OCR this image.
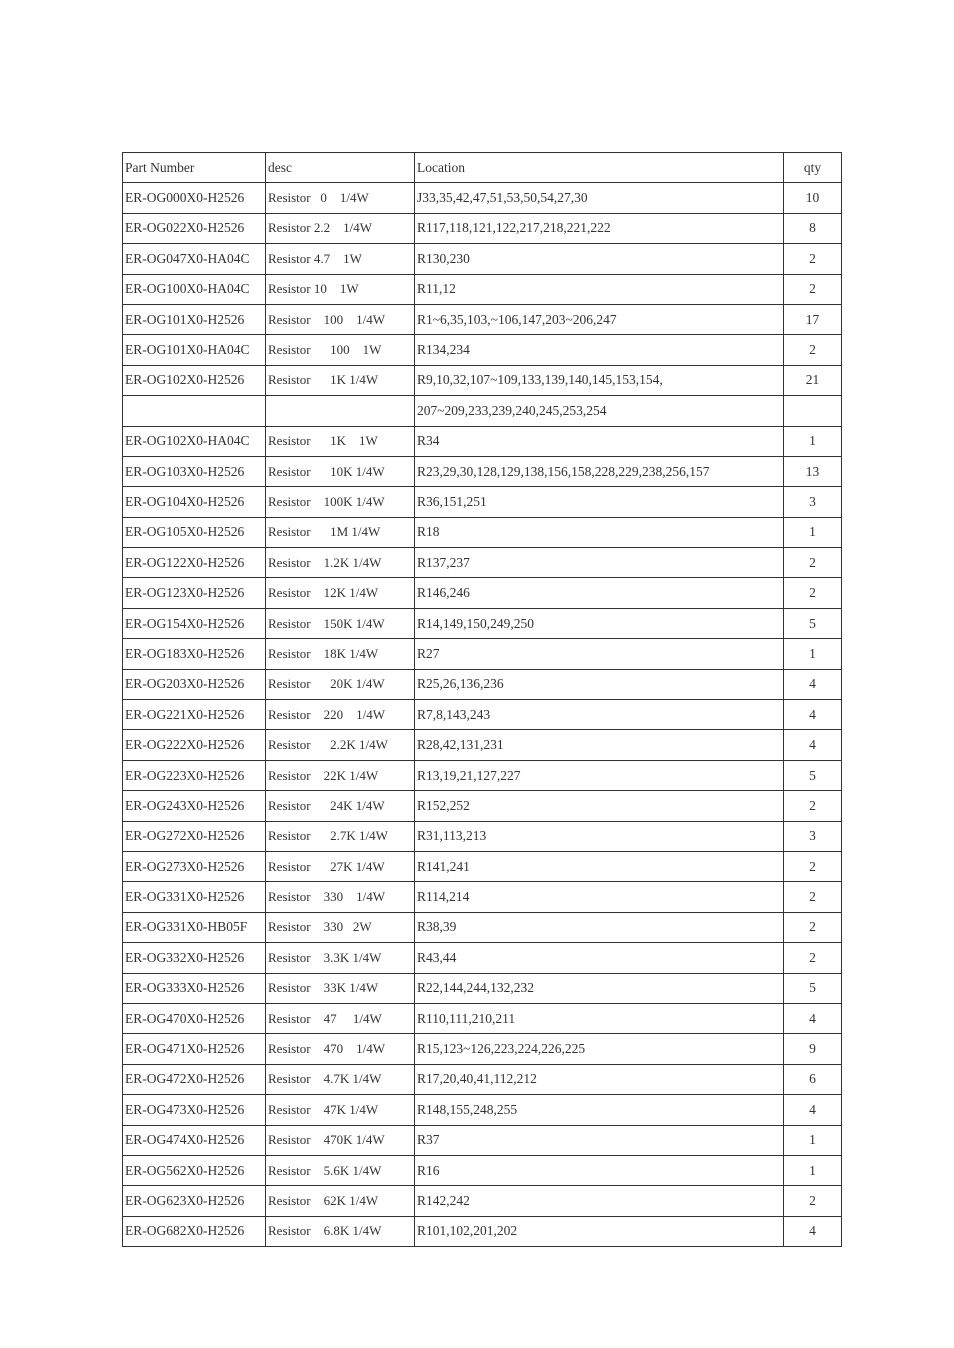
Part Number	desc	Location	qty
ER-OG000X0-H2526	Resistor   0    1/4W	J33,35,42,47,51,53,50,54,27,30	10
ER-OG022X0-H2526	Resistor 2.2    1/4W	R117,118,121,122,217,218,221,222	8
ER-OG047X0-HA04C	Resistor 4.7    1W	R130,230	2
ER-OG100X0-HA04C	Resistor 10    1W	R11,12	2
ER-OG101X0-H2526	Resistor    100    1/4W	R1~6,35,103,~106,147,203~206,247	17
ER-OG101X0-HA04C	Resistor      100    1W	R134,234	2
ER-OG102X0-H2526	Resistor      1K 1/4W	R9,10,32,107~109,133,139,140,145,153,154,	21
		207~209,233,239,240,245,253,254	
ER-OG102X0-HA04C	Resistor      1K    1W	R34	1
ER-OG103X0-H2526	Resistor      10K 1/4W	R23,29,30,128,129,138,156,158,228,229,238,256,157	13
ER-OG104X0-H2526	Resistor    100K 1/4W	R36,151,251	3
ER-OG105X0-H2526	Resistor      1M 1/4W	R18	1
ER-OG122X0-H2526	Resistor    1.2K 1/4W	R137,237	2
ER-OG123X0-H2526	Resistor    12K 1/4W	R146,246	2
ER-OG154X0-H2526	Resistor    150K 1/4W	R14,149,150,249,250	5
ER-OG183X0-H2526	Resistor    18K 1/4W	R27	1
ER-OG203X0-H2526	Resistor      20K 1/4W	R25,26,136,236	4
ER-OG221X0-H2526	Resistor    220    1/4W	R7,8,143,243	4
ER-OG222X0-H2526	Resistor      2.2K 1/4W	R28,42,131,231	4
ER-OG223X0-H2526	Resistor    22K 1/4W	R13,19,21,127,227	5
ER-OG243X0-H2526	Resistor      24K 1/4W	R152,252	2
ER-OG272X0-H2526	Resistor      2.7K 1/4W	R31,113,213	3
ER-OG273X0-H2526	Resistor      27K 1/4W	R141,241	2
ER-OG331X0-H2526	Resistor    330    1/4W	R114,214	2
ER-OG331X0-HB05F	Resistor    330   2W	R38,39	2
ER-OG332X0-H2526	Resistor    3.3K 1/4W	R43,44	2
ER-OG333X0-H2526	Resistor    33K 1/4W	R22,144,244,132,232	5
ER-OG470X0-H2526	Resistor    47     1/4W	R110,111,210,211	4
ER-OG471X0-H2526	Resistor    470    1/4W	R15,123~126,223,224,226,225	9
ER-OG472X0-H2526	Resistor    4.7K 1/4W	R17,20,40,41,112,212	6
ER-OG473X0-H2526	Resistor    47K 1/4W	R148,155,248,255	4
ER-OG474X0-H2526	Resistor    470K 1/4W	R37	1
ER-OG562X0-H2526	Resistor    5.6K 1/4W	R16	1
ER-OG623X0-H2526	Resistor    62K 1/4W	R142,242	2
ER-OG682X0-H2526	Resistor    6.8K 1/4W	R101,102,201,202	4
